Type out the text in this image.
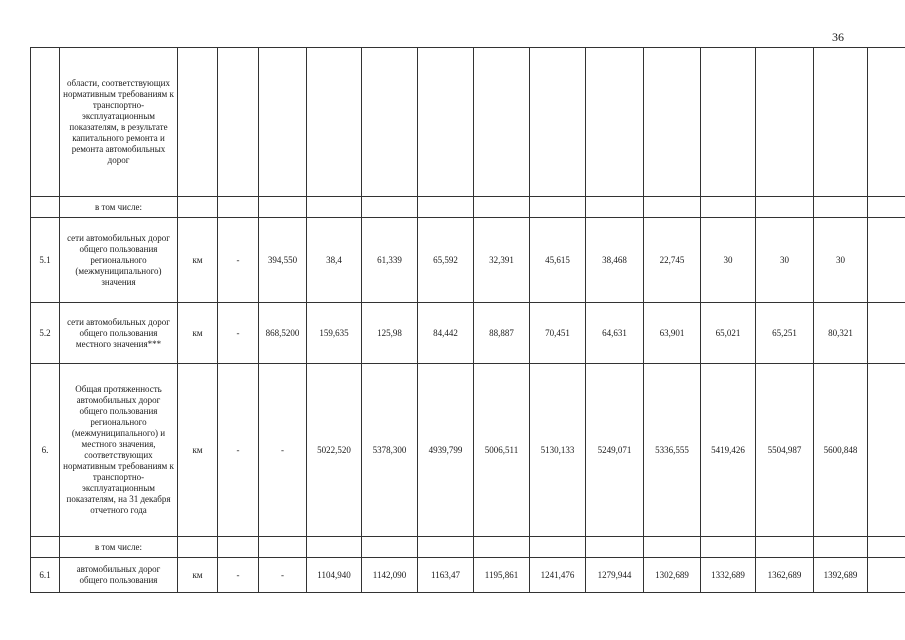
36
	области, соответствующих нормативным требованиям к транспортно-эксплуатационным показателям, в результате капитального ремонта и ремонта автомобильных дорог														
	в том числе:														
5.1	сети автомобильных дорог общего пользования регионального (межмуниципального) значения	км	-	394,550	38,4	61,339	65,592	32,391	45,615	38,468	22,745	30	30	30	
5.2	сети автомобильных дорог общего пользования местного значения***	км	-	868,5200	159,635	125,98	84,442	88,887	70,451	64,631	63,901	65,021	65,251	80,321	
6.	Общая протяженность автомобильных дорог общего пользования регионального (межмуниципального) и местного значения, соответствующих нормативным требованиям к транспортно-эксплуатационным показателям, на 31 декабря отчетного года	км	-	-	5022,520	5378,300	4939,799	5006,511	5130,133	5249,071	5336,555	5419,426	5504,987	5600,848	
	в том числе:														
6.1	автомобильных дорог общего пользования	км	-	-	1104,940	1142,090	1163,47	1195,861	1241,476	1279,944	1302,689	1332,689	1362,689	1392,689	
